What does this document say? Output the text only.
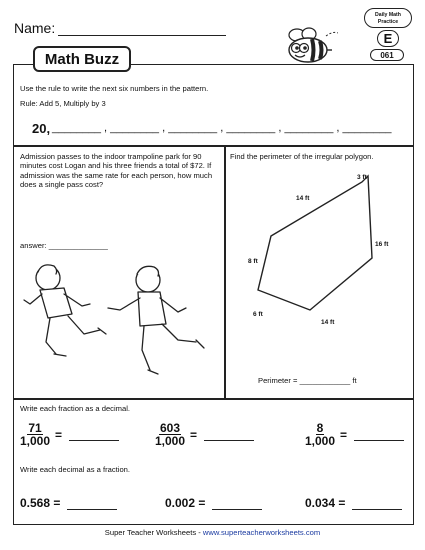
Name:
Math Buzz
Daily Math Practice
E
061
Use the rule to write the next six numbers in the pattern.
Rule: Add 5, Multiply by 3
20, ________ , ________ , ________ , ________ , ________ , ________
Admission passes to the indoor trampoline park for 90 minutes cost Logan and his three friends a total of $72. If admission was the same rate for each person, how much does a single pass cost?
answer: ______________
Find the perimeter of the irregular polygon.
3 ft
14 ft
16 ft
8 ft
6 ft
14 ft
Perimeter = ____________ ft
Write each fraction as a decimal.
$\frac{71}{1,000}$ =	$\frac{603}{1,000}$ =	$\frac{8}{1,000}$ =
Write each decimal as a fraction.
0.568 =	0.002 =	0.034 =
Super Teacher Worksheets - www.superteacherworksheets.com
